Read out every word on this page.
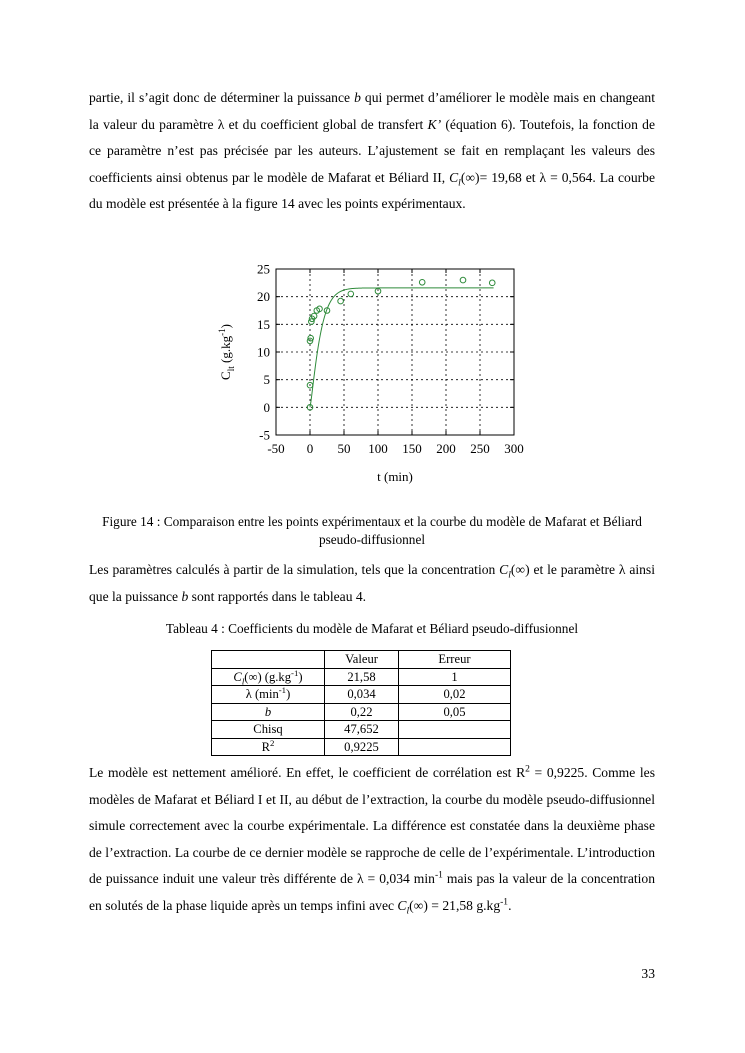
partie, il s’agit donc de déterminer la puissance b qui permet d’améliorer le modèle mais en changeant la valeur du paramètre λ et du coefficient global de transfert K’ (équation 6). Toutefois, la fonction de ce paramètre n’est pas précisée par les auteurs. L’ajustement se fait en remplaçant les valeurs des coefficients ainsi obtenus par le modèle de Mafarat et Béliard II, $C_l(\infty)= 19,68$ et λ = 0,564. La courbe du modèle est présentée à la figure 14 avec les points expérimentaux.

-50 0 50 100 150 200 250 300
-5
0
5
10
15
20
25
t (min)
$C_{lt}$ $(g.kg^{-1})$

Figure 14 : Comparaison entre les points expérimentaux et la courbe du modèle de Mafarat et Béliard pseudo-diffusionnel

Les paramètres calculés à partir de la simulation, tels que la concentration $C_l(\infty)$ et le paramètre λ ainsi que la puissance b sont rapportés dans le tableau 4.

Tableau 4 : Coefficients du modèle de Mafarat et Béliard pseudo-diffusionnel

	Valeur	Erreur
$C_l(\infty)$ $(g.kg^{-1})$	21,58	1
λ $(\min^{-1})$	0,034	0,02
b	0,22	0,05
Chisq	47,652	
$R^2$	0,9225	

Le modèle est nettement amélioré. En effet, le coefficient de corrélation est $R^2 = 0,9225$. Comme les modèles de Mafarat et Béliard I et II, au début de l’extraction, la courbe du modèle pseudo-diffusionnel simule correctement avec la courbe expérimentale. La différence est constatée dans la deuxième phase de l’extraction. La courbe de ce dernier modèle se rapproche de celle de l’expérimentale. L’introduction de puissance induit une valeur très différente de λ = 0,034 $\min^{-1}$ mais pas la valeur de la concentration en solutés de la phase liquide après un temps infini avec $C_l(\infty) = 21,58$ $g.kg^{-1}$.

33
